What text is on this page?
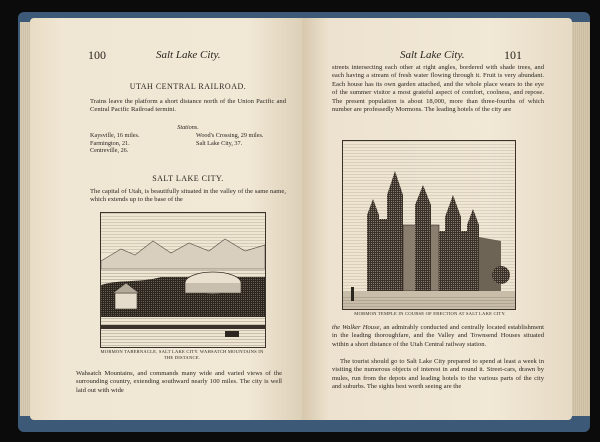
100	Salt Lake City.
UTAH CENTRAL RAILROAD.
Trains leave the platform a short distance north of the Union Pacific and Central Pacific Railroad termini.
Stations.
Kaysville, 16 miles.
Farmington, 21.
Centreville, 26.
Wood's Crossing, 29 miles.
Salt Lake City, 37.
SALT LAKE CITY.
The capital of Utah, is beautifully situated in the valley of the same name, which extends up to the base of the
MORMON TABERNACLE, SALT LAKE CITY. WAHSATCH MOUNTAINS IN THE DISTANCE.
Wahsatch Mountains, and commands many wide and varied views of the surrounding country, extending southward nearly 100 miles. The city is well laid out with wide
Salt Lake City.	101
streets intersecting each other at right angles, bordered with shade trees, and each having a stream of fresh water flowing through it. Fruit is very abundant. Each house has its own garden attached, and the whole place wears to the eye of the summer visitor a most grateful aspect of comfort, coolness, and repose. The present population is about 18,000, more than three-fourths of which number are professedly Mormons. The leading hotels of the city are
MORMON TEMPLE IN COURSE OF ERECTION AT SALT LAKE CITY.
the Walker House, an admirably conducted and centrally located establishment in the leading thoroughfare, and the Valley and Townsend Houses situated within a short distance of the Utah Central railway station.
The tourist should go to Salt Lake City prepared to spend at least a week in visiting the numerous objects of interest in and round it. Street-cars, drawn by mules, run from the depots and leading hotels to the various parts of the city and suburbs. The sights best worth seeing are the
